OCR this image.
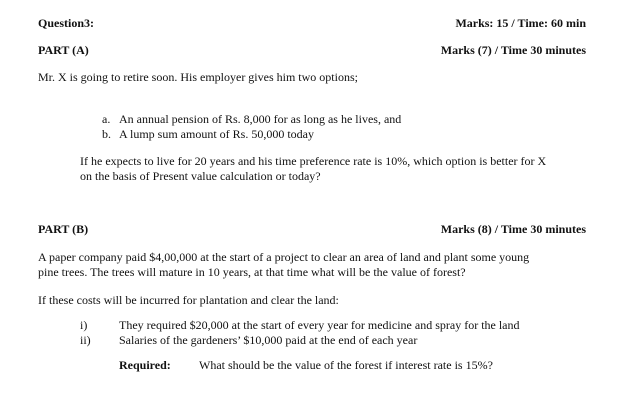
Question3:	Marks: 15 / Time: 60 min
PART (A)	Marks (7) / Time 30 minutes
Mr. X is going to retire soon. His employer gives him two options;
a. An annual pension of Rs. 8,000 for as long as he lives, and
b. A lump sum amount of Rs. 50,000 today
If he expects to live for 20 years and his time preference rate is 10%, which option is better for X
on the basis of Present value calculation or today?
PART (B)	Marks (8) / Time 30 minutes
A paper company paid $4,00,000 at the start of a project to clear an area of land and plant some young
pine trees. The trees will mature in 10 years, at that time what will be the value of forest?
If these costs will be incurred for plantation and clear the land:
i)	They required $20,000 at the start of every year for medicine and spray for the land
ii) Salaries of the gardeners’ $10,000 paid at the end of each year
Required: What should be the value of the forest if interest rate is 15%?
